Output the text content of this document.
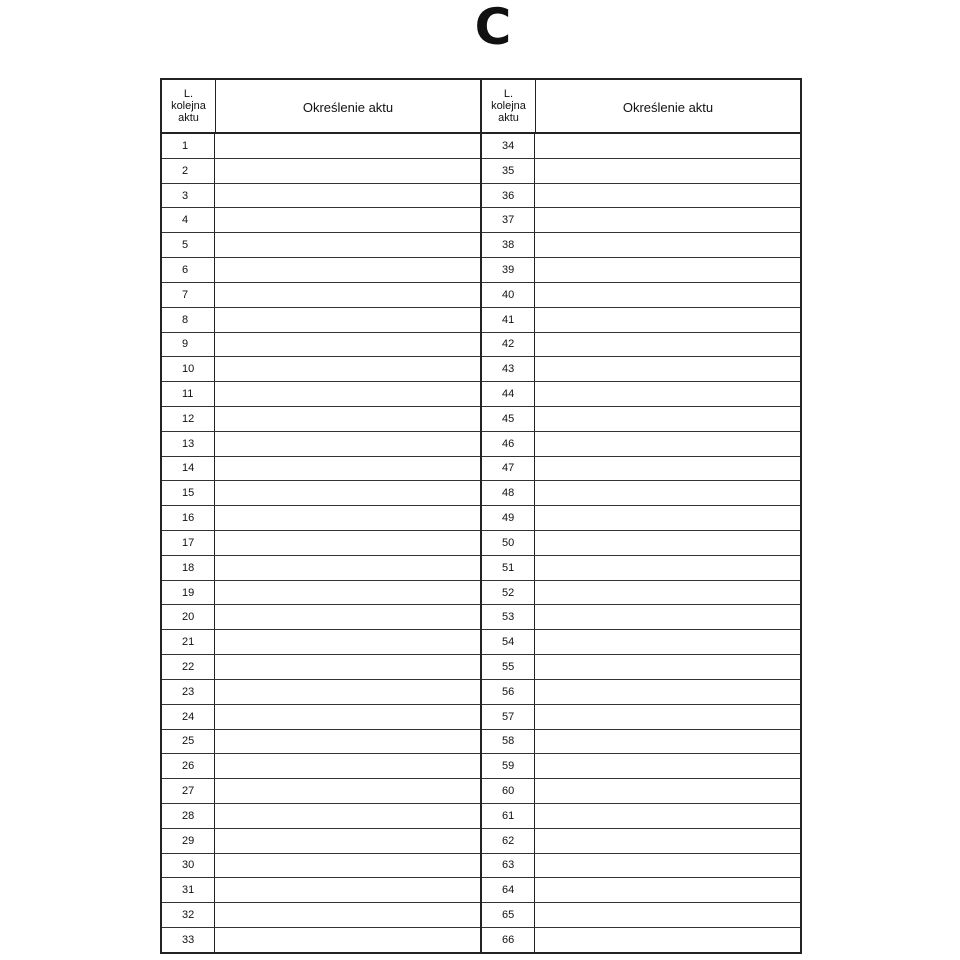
C
L.
kolejna
aktu
Określenie aktu
1
2
3
4
5
6
7
8
9
10
11
12
13
14
15
16
17
18
19
20
21
22
23
24
25
26
27
28
29
30
31
32
33
L.
kolejna
aktu
Określenie aktu
34
35
36
37
38
39
40
41
42
43
44
45
46
47
48
49
50
51
52
53
54
55
56
57
58
59
60
61
62
63
64
65
66
